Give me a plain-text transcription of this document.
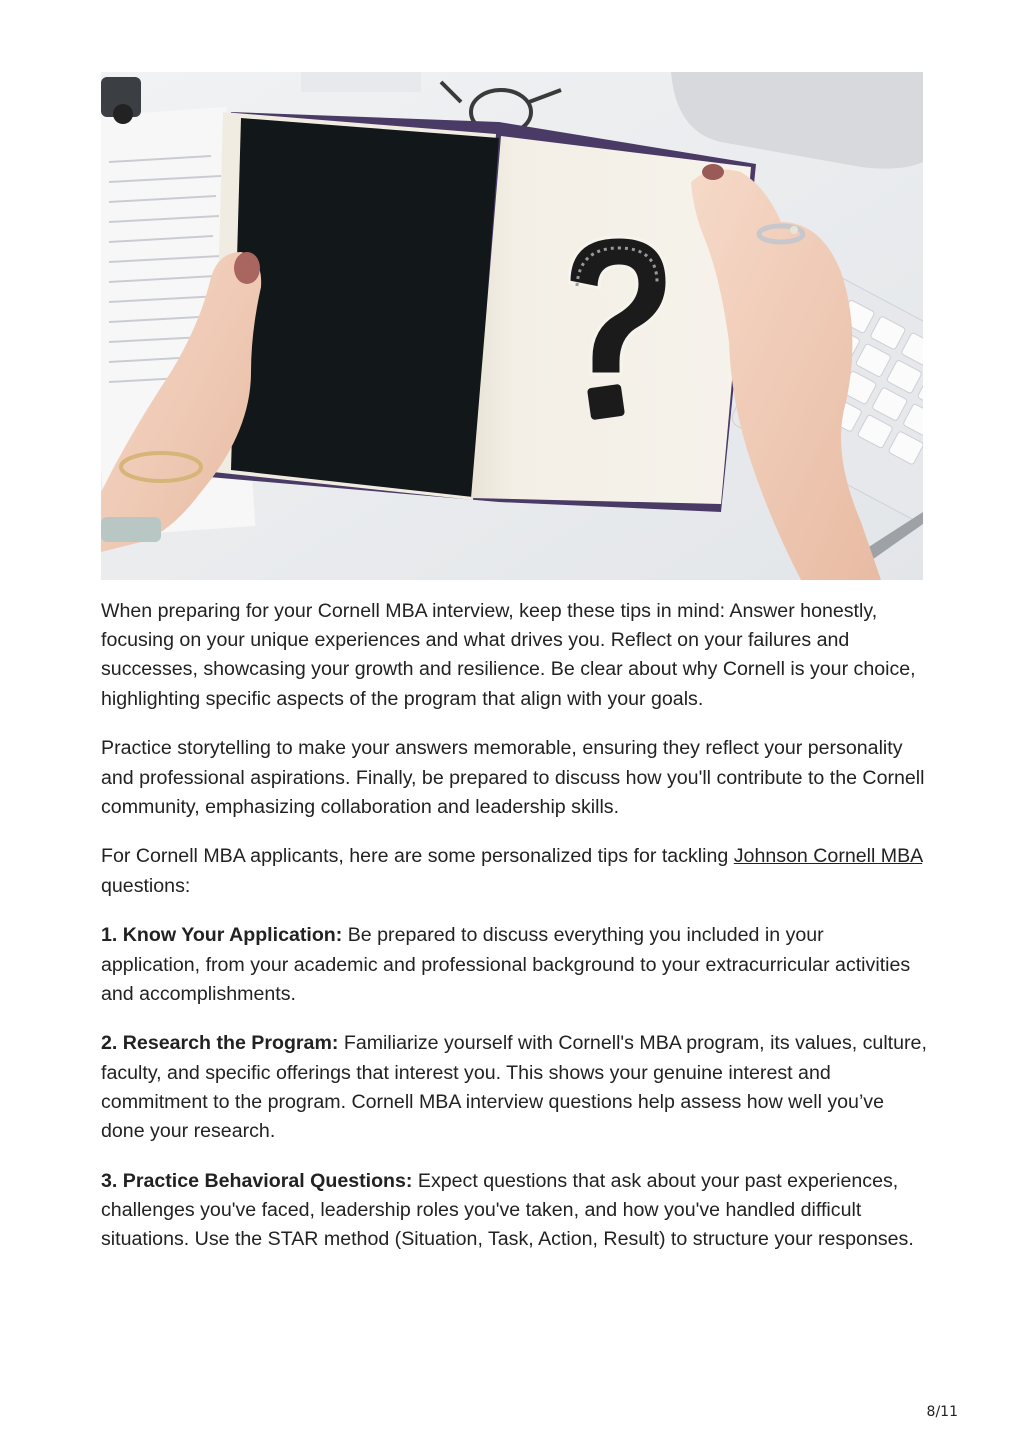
When preparing for your Cornell MBA interview, keep these tips in mind: Answer honestly, focusing on your unique experiences and what drives you. Reflect on your failures and successes, showcasing your growth and resilience. Be clear about why Cornell is your choice, highlighting specific aspects of the program that align with your goals.

Practice storytelling to make your answers memorable, ensuring they reflect your personality and professional aspirations. Finally, be prepared to discuss how you'll contribute to the Cornell community, emphasizing collaboration and leadership skills.

For Cornell MBA applicants, here are some personalized tips for tackling Johnson Cornell MBA questions:

1. Know Your Application: Be prepared to discuss everything you included in your application, from your academic and professional background to your extracurricular activities and accomplishments.

2. Research the Program: Familiarize yourself with Cornell's MBA program, its values, culture, faculty, and specific offerings that interest you. This shows your genuine interest and commitment to the program. Cornell MBA interview questions help assess how well you’ve done your research.

3. Practice Behavioral Questions: Expect questions that ask about your past experiences, challenges you've faced, leadership roles you've taken, and how you've handled difficult situations. Use the STAR method (Situation, Task, Action, Result) to structure your responses.

8/11
